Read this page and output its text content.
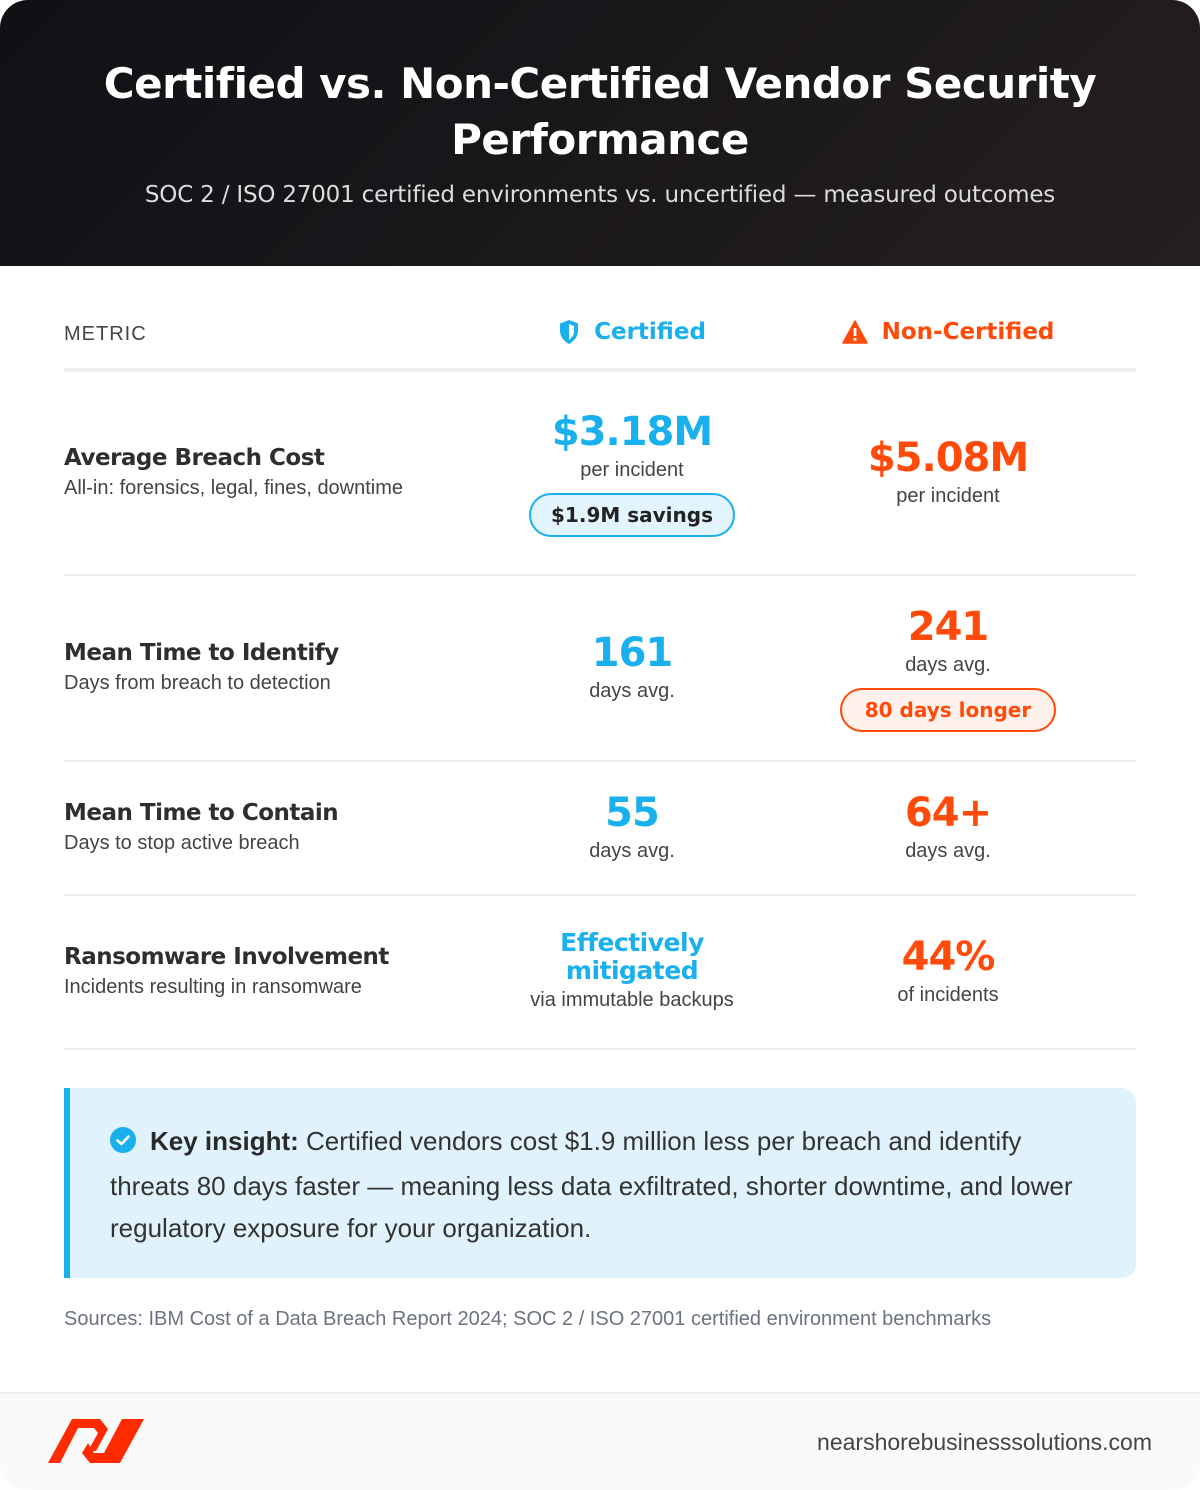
Certified vs. Non-Certified Vendor Security Performance
SOC 2 / ISO 27001 certified environments vs. uncertified — measured outcomes
METRIC	Certified	Non-Certified
Average Breach Cost
All-in: forensics, legal, fines, downtime
$3.18M
per incident
$1.9M savings
$5.08M
per incident
Mean Time to Identify
Days from breach to detection
161
days avg.
241
days avg.
80 days longer
Mean Time to Contain
Days to stop active breach
55
days avg.
64+
days avg.
Ransomware Involvement
Incidents resulting in ransomware
Effectively
mitigated
via immutable backups
44%
of incidents

Key insight: Certified vendors cost $1.9 million less per breach and identify threats 80 days faster — meaning less data exfiltrated, shorter downtime, and lower regulatory exposure for your organization.

Sources: IBM Cost of a Data Breach Report 2024; SOC 2 / ISO 27001 certified environment benchmarks
nearshorebusinesssolutions.com
